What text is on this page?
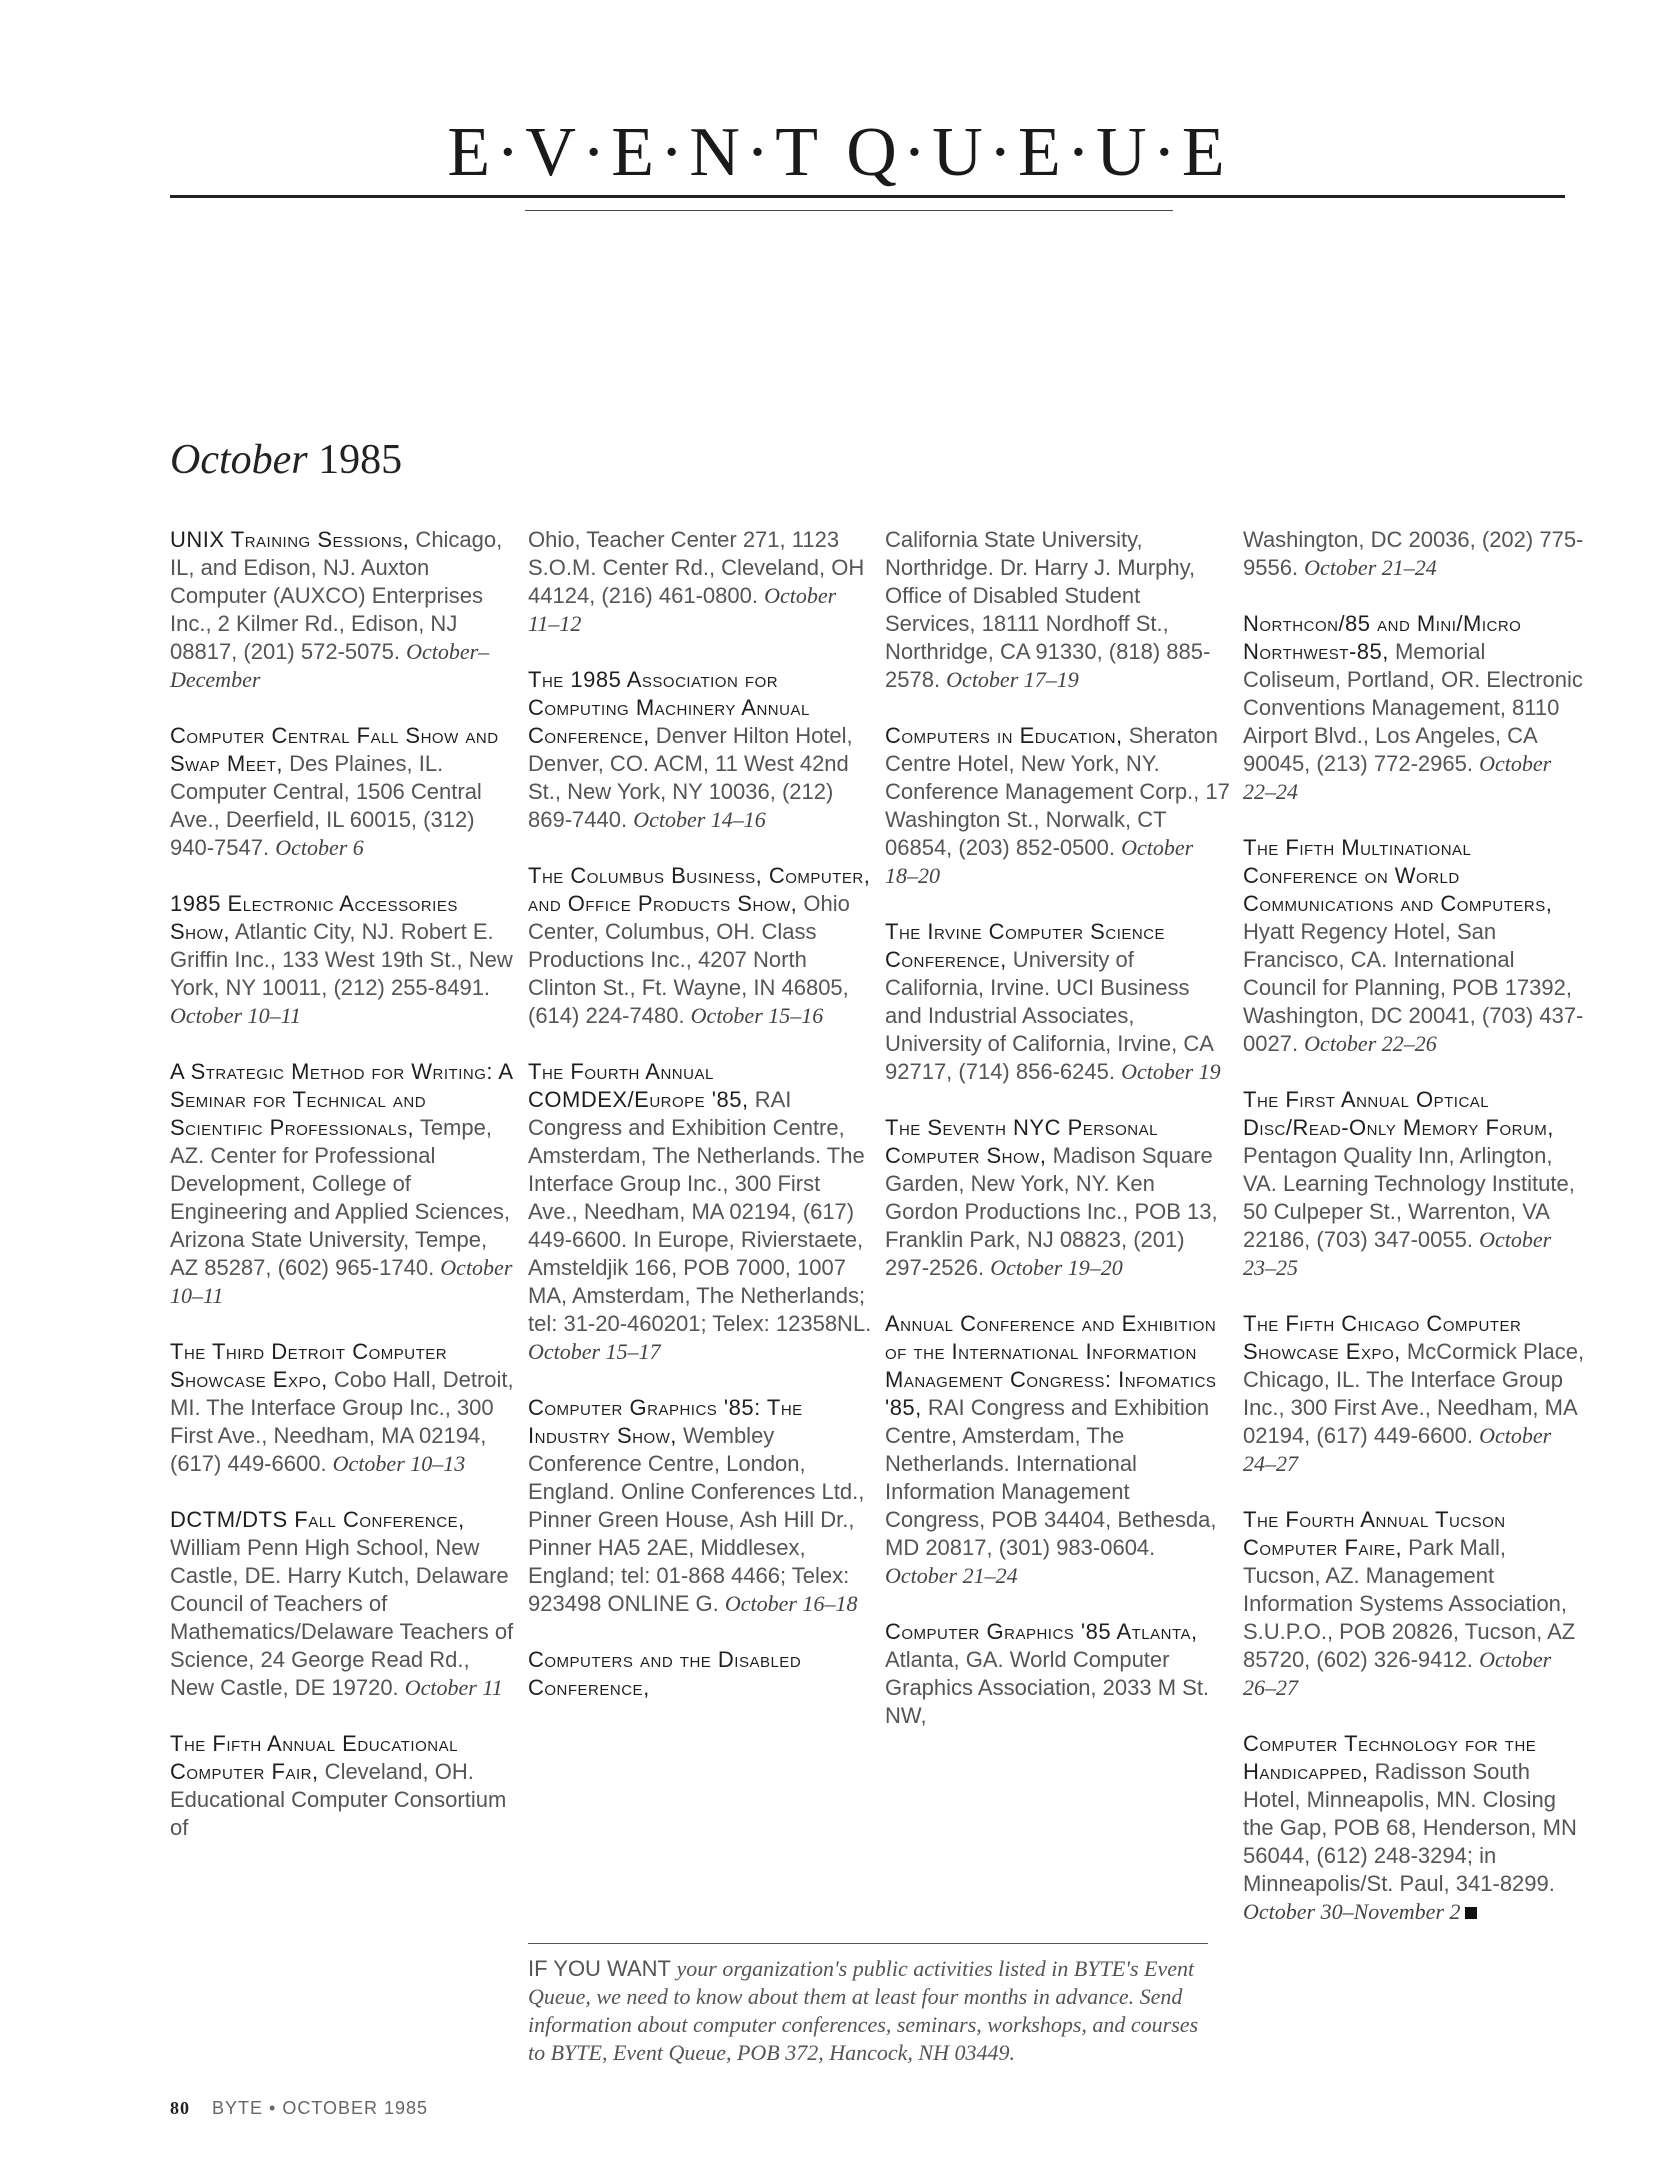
E·V·E·N·T Q·U·E·U·E
October 1985
UNIX Training Sessions, Chicago, IL, and Edison, NJ. Auxton Computer (AUXCO) Enterprises Inc., 2 Kilmer Rd., Edison, NJ 08817, (201) 572-5075. October–December
Computer Central Fall Show and Swap Meet, Des Plaines, IL. Computer Central, 1506 Central Ave., Deerfield, IL 60015, (312) 940-7547. October 6
1985 Electronic Accessories Show, Atlantic City, NJ. Robert E. Griffin Inc., 133 West 19th St., New York, NY 10011, (212) 255-8491. October 10–11
A Strategic Method for Writing: A Seminar for Technical and Scientific Professionals, Tempe, AZ. Center for Professional Development, College of Engineering and Applied Sciences, Arizona State University, Tempe, AZ 85287, (602) 965-1740. October 10–11
The Third Detroit Computer Showcase Expo, Cobo Hall, Detroit, MI. The Interface Group Inc., 300 First Ave., Needham, MA 02194, (617) 449-6600. October 10–13
DCTM/DTS Fall Conference, William Penn High School, New Castle, DE. Harry Kutch, Delaware Council of Teachers of Mathematics/Delaware Teachers of Science, 24 George Read Rd., New Castle, DE 19720. October 11
The Fifth Annual Educational Computer Fair, Cleveland, OH. Educational Computer Consortium of
Ohio, Teacher Center 271, 1123 S.O.M. Center Rd., Cleveland, OH 44124, (216) 461-0800. October 11–12
The 1985 Association for Computing Machinery Annual Conference, Denver Hilton Hotel, Denver, CO. ACM, 11 West 42nd St., New York, NY 10036, (212) 869-7440. October 14–16
The Columbus Business, Computer, and Office Products Show, Ohio Center, Columbus, OH. Class Productions Inc., 4207 North Clinton St., Ft. Wayne, IN 46805, (614) 224-7480. October 15–16
The Fourth Annual COMDEX/Europe '85, RAI Congress and Exhibition Centre, Amsterdam, The Netherlands. The Interface Group Inc., 300 First Ave., Needham, MA 02194, (617) 449-6600. In Europe, Rivierstaete, Amsteldjik 166, POB 7000, 1007 MA, Amsterdam, The Netherlands; tel: 31-20-460201; Telex: 12358NL. October 15–17
Computer Graphics '85: The Industry Show, Wembley Conference Centre, London, England. Online Conferences Ltd., Pinner Green House, Ash Hill Dr., Pinner HA5 2AE, Middlesex, England; tel: 01-868 4466; Telex: 923498 ONLINE G. October 16–18
Computers and the Disabled Conference,
California State University, Northridge. Dr. Harry J. Murphy, Office of Disabled Student Services, 18111 Nordhoff St., Northridge, CA 91330, (818) 885-2578. October 17–19
Computers in Education, Sheraton Centre Hotel, New York, NY. Conference Management Corp., 17 Washington St., Norwalk, CT 06854, (203) 852-0500. October 18–20
The Irvine Computer Science Conference, University of California, Irvine. UCI Business and Industrial Associates, University of California, Irvine, CA 92717, (714) 856-6245. October 19
The Seventh NYC Personal Computer Show, Madison Square Garden, New York, NY. Ken Gordon Productions Inc., POB 13, Franklin Park, NJ 08823, (201) 297-2526. October 19–20
Annual Conference and Exhibition of the International Information Management Congress: Infomatics '85, RAI Congress and Exhibition Centre, Amsterdam, The Netherlands. International Information Management Congress, POB 34404, Bethesda, MD 20817, (301) 983-0604. October 21–24
Computer Graphics '85 Atlanta, Atlanta, GA. World Computer Graphics Association, 2033 M St. NW,
Washington, DC 20036, (202) 775-9556. October 21–24
Northcon/85 and Mini/Micro Northwest-85, Memorial Coliseum, Portland, OR. Electronic Conventions Management, 8110 Airport Blvd., Los Angeles, CA 90045, (213) 772-2965. October 22–24
The Fifth Multinational Conference on World Communications and Computers, Hyatt Regency Hotel, San Francisco, CA. International Council for Planning, POB 17392, Washington, DC 20041, (703) 437-0027. October 22–26
The First Annual Optical Disc/Read-Only Memory Forum, Pentagon Quality Inn, Arlington, VA. Learning Technology Institute, 50 Culpeper St., Warrenton, VA 22186, (703) 347-0055. October 23–25
The Fifth Chicago Computer Showcase Expo, McCormick Place, Chicago, IL. The Interface Group Inc., 300 First Ave., Needham, MA 02194, (617) 449-6600. October 24–27
The Fourth Annual Tucson Computer Faire, Park Mall, Tucson, AZ. Management Information Systems Association, S.U.P.O., POB 20826, Tucson, AZ 85720, (602) 326-9412. October 26–27
Computer Technology for the Handicapped, Radisson South Hotel, Minneapolis, MN. Closing the Gap, POB 68, Henderson, MN 56044, (612) 248-3294; in Minneapolis/St. Paul, 341-8299. October 30–November 2
IF YOU WANT your organization's public activities listed in BYTE's Event Queue, we need to know about them at least four months in advance. Send information about computer conferences, seminars, workshops, and courses to BYTE, Event Queue, POB 372, Hancock, NH 03449.
80 BYTE • OCTOBER 1985
